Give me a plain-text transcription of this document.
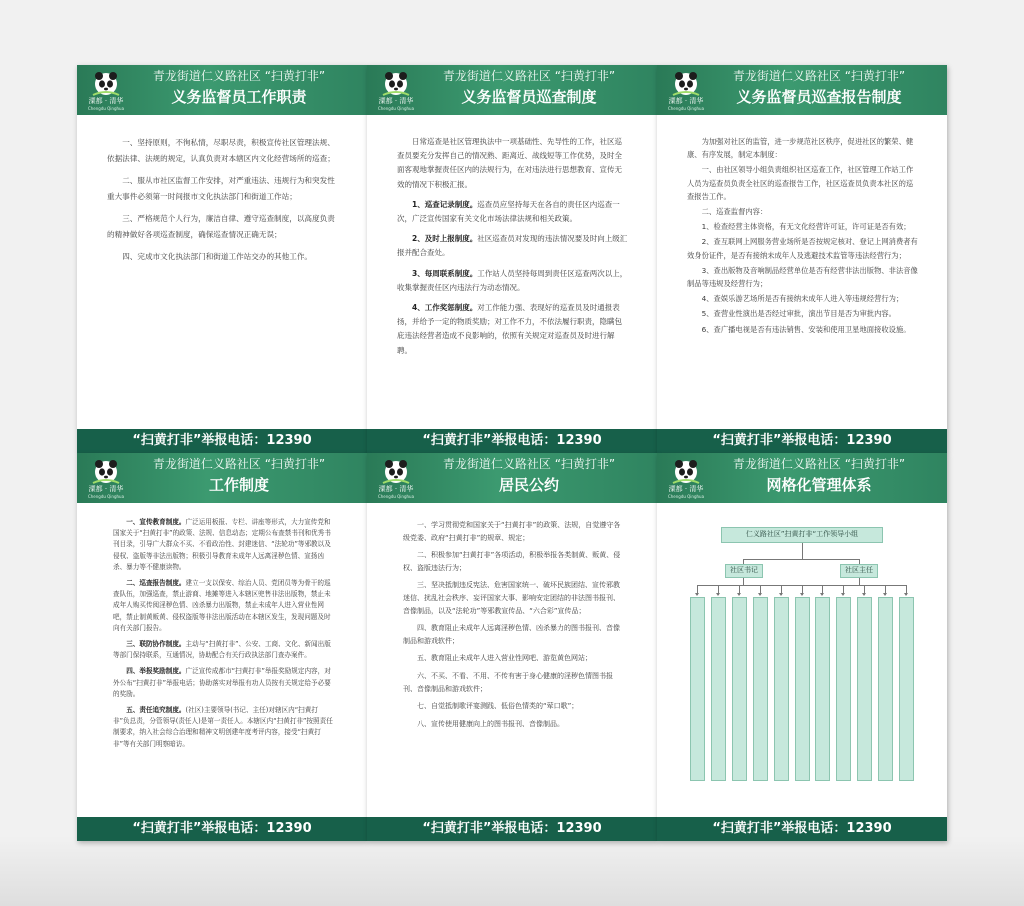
溧都 · 清华
Chengdu Qinghua
青龙街道仁义路社区 “扫黄打非”
义务监督员工作职责

一、坚持原则，不徇私情，尽职尽责，积极宣传社区管理法规、依据法律、法规的规定，认真负责对本辖区内文化经营场所的巡查；

二、服从市社区监督工作安排，对严重违法、违规行为和突发性重大事件必须第一时间报市文化执法部门和街道工作站；

三、严格规范个人行为，廉洁自律、遵守巡查制度，以高度负责的精神做好各项巡查制度，确保巡查情况正确无误；

四、完成市文化执法部门和街道工作站交办的其他工作。

“扫黄打非”举报电话：12390
溧都 · 清华
Chengdu Qinghua
青龙街道仁义路社区 “扫黄打非”
义务监督员巡查制度

日常巡查是社区管理执法中一项基础性、先导性的工作，社区巡查员要充分发挥自己的情况熟、距离近、战线短等工作优势，及时全面客观地掌握责任区内的法规行为，在对违法进行思想教育、宣传无效的情况下积极汇报。

1、巡查记录制度。巡查员应坚持每天在各自的责任区内巡查一次，广泛宣传国家有关文化市场法律法规和相关政策。

2、及时上报制度。社区巡查员对发现的违法情况要及时向上级汇报并配合查处。

3、每周联系制度。工作站人员坚持每周到责任区巡查两次以上，收集掌握责任区内违法行为动态情况。

4、工作奖惩制度。对工作能力强、表现好的巡查员及时通报表扬，并给予一定的物质奖励；对工作不力，不依法履行职责，隐瞒包庇违法经营者造成不良影响的，依照有关规定对巡查员及时进行解聘。

“扫黄打非”举报电话：12390
溧都 · 清华
Chengdu Qinghua
青龙街道仁义路社区 “扫黄打非”
义务监督员巡查报告制度

为加强对社区的监管，进一步规范社区秩序，促进社区的繁荣、健康、有序发展，制定本制度：

一、由社区领导小组负责组织社区巡查工作，社区管理工作站工作人员为巡查员负责全社区的巡查报告工作，社区巡查员负责本社区的巡查报告工作。

二、巡查监督内容：

1、检查经营主体资格，有无文化经营许可证，许可证是否有效；

2、查互联网上网服务营业场所是否按规定核对、登记上网消费者有效身份证件，是否有接纳未成年人及逃避技术监管等违法经营行为；

3、查出版物及音响制品经营单位是否有经营非法出版物、非法音像制品等违规及经营行为；

4、查娱乐游艺场所是否有接纳未成年人进入等违规经营行为；

5、查营业性演出是否经过审批，演出节目是否为审批内容。

6、查广播电视是否有违法销售、安装和使用卫星地面接收设施。

“扫黄打非”举报电话：12390
溧都 · 清华
Chengdu Qinghua
青龙街道仁义路社区 “扫黄打非”
工作制度

一、宣传教育制度。广泛运用板报、专栏、讲座等形式，大力宣传党和国家关于“扫黄打非”的政策、法规、信息动态；定期公布查禁书刊和优秀书刊目录，引导广大群众不买、不看政治性、封建迷信、“法轮功”等邪教以及侵权、盗版等非法出版物；积极引导教育未成年人远离淫秽色情、宣扬凶杀、暴力等不健康读物。

二、巡查报告制度。建立一支以保安、综治人员、党团员等为骨干的巡查队伍，加强巡查，禁止游商、地摊等进入本辖区兜售非法出版物，禁止未成年人购买传阅淫秽色情、凶杀暴力出版物，禁止未成年人进入营业性网吧，禁止制黄贩黄、侵权盗版等非法出版活动在本辖区发生，发现问题及时向有关部门报告。

三、联防协作制度。主动与“扫黄打非”、公安、工商、文化、新闻出版等部门保持联系，互通情况，协助配合有关行政执法部门查办案件。

四、举报奖励制度。广泛宣传成都市“扫黄打非”举报奖励规定内容，对外公布“扫黄打非”举报电话；协助落实对举报有功人员按有关规定给予必要的奖励。

五、责任追究制度。(社区)主要领导(书记、主任)对辖区内“扫黄打非”负总责，分管领导(责任人)是第一责任人。本辖区内“扫黄打非”按照责任制要求，纳入社会综合治理和精神文明创建年度考评内容，接受“扫黄打非”等有关部门明察暗访。

“扫黄打非”举报电话：12390
溧都 · 清华
Chengdu Qinghua
青龙街道仁义路社区 “扫黄打非”
居民公约

一、学习贯彻党和国家关于“扫黄打非”的政策、法规，自觉遵守各级党委、政府“扫黄打非”的规章、规定；

二、积极参加“扫黄打非”各项活动，积极举报各类制黄、贩黄、侵权、盗版违法行为；

三、坚决抵制违反宪法、危害国家统一、破坏民族团结、宣传邪教迷信、扰乱社会秩序、妄评国家大事、影响安定团结的非法图书报刊、音像制品，以及“法轮功”等邪教宣传品、“六合彩”宣传品；

四、教育阻止未成年人远离淫秽色情、凶杀暴力的图书报刊、音像制品和游戏软件；

五、教育阻止未成年人进入营业性网吧、游览黄色网站；

六、不买、不看、不用、不传有害于身心健康的淫秽色情图书报刊、音像制品和游戏软件；

七、自觉抵制歌评宴测践、低俗色情类的“荤口歌”；

八、宣传使用健康向上的图书报刊、音像制品。

“扫黄打非”举报电话：12390
溧都 · 清华
Chengdu Qinghua
青龙街道仁义路社区 “扫黄打非”
网格化管理体系
仁义路社区”扫黄打非“工作领导小组
社区书记	社区主任
“扫黄打非”举报电话：12390
